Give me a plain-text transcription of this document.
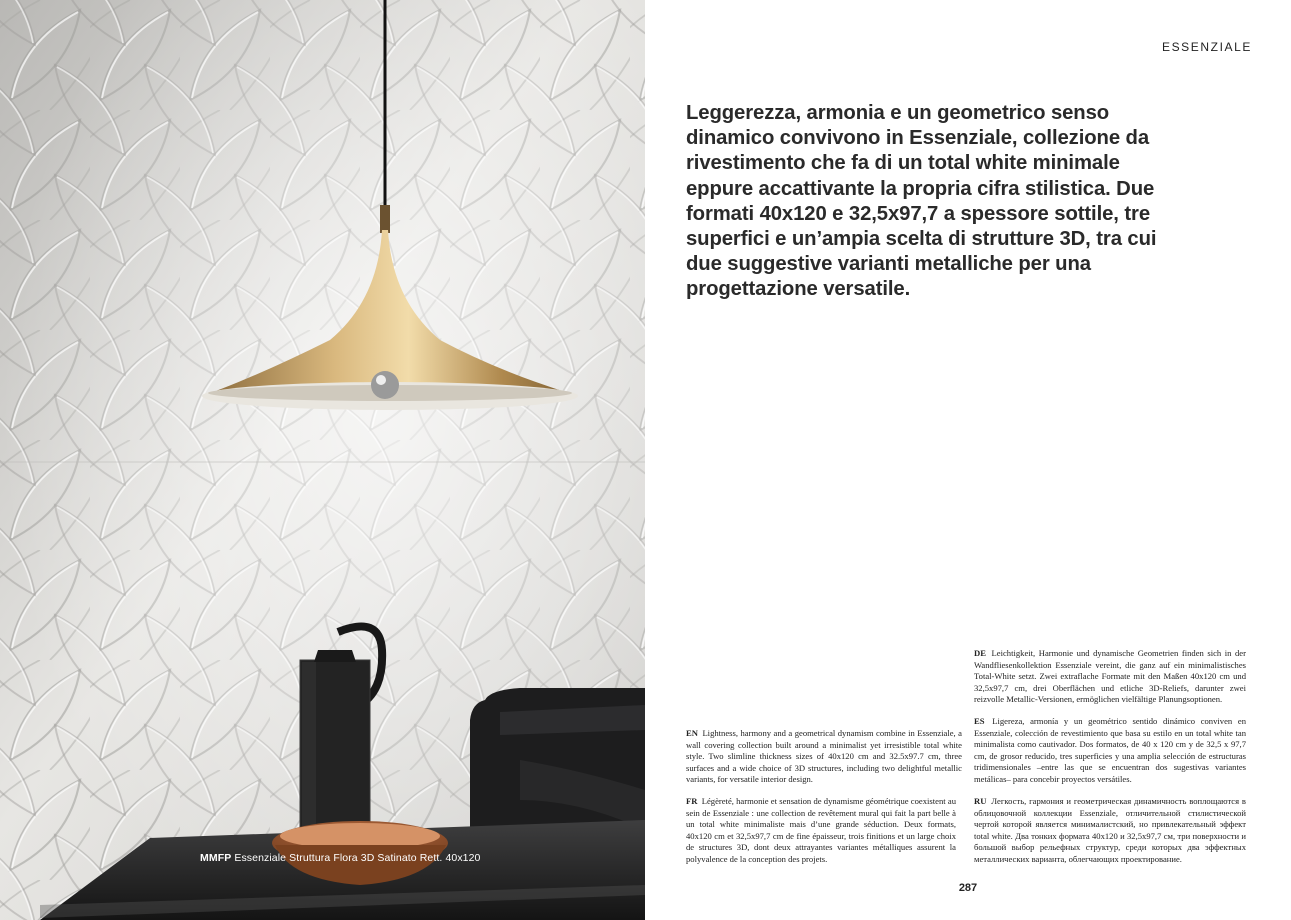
MMFP Essenziale Struttura Flora 3D Satinato Rett. 40x120
ESSENZIALE
Leggerezza, armonia e un geometrico senso dinamico convivono in Essenziale, collezione da rivestimento che fa di un total white minimale eppure accattivante la propria cifra stilistica. Due formati 40x120 e 32,5x97,7 a spessore sottile, tre superfici e un’ampia scelta di strutture 3D, tra cui due suggestive varianti metalliche per una progettazione versatile.
DE Leichtigkeit, Harmonie und dynamische Geometrien finden sich in der Wandfliesenkollektion Essenziale vereint, die ganz auf ein minimalistisches Total-White setzt. Zwei extraflache Formate mit den Maßen 40x120 cm und 32,5x97,7 cm, drei Oberflächen und etliche 3D-Reliefs, darunter zwei reizvolle Metallic-Versionen, ermöglichen vielfältige Planungsoptionen.
ES Ligereza, armonía y un geométrico sentido dinámico conviven en Essenziale, colección de revestimiento que basa su estilo en un total white tan minimalista como cautivador. Dos formatos, de 40 x 120 cm y de 32,5 x 97,7 cm, de grosor reducido, tres superficies y una amplia selección de estructuras tridimensionales –entre las que se encuentran dos sugestivas variantes metálicas– para concebir proyectos versátiles.
EN Lightness, harmony and a geometrical dynamism combine in Essenziale, a wall covering collection built around a minimalist yet irresistible total white style. Two slimline thickness sizes of 40x120 cm and 32.5x97.7 cm, three surfaces and a wide choice of 3D structures, including two delightful metallic variants, for versatile interior design.
FR Légèreté, harmonie et sensation de dynamisme géométrique coexistent au sein de Essenziale : une collection de revêtement mural qui fait la part belle à un total white minimaliste mais d’une grande séduction. Deux formats, 40x120 cm et 32,5x97,7 cm de fine épaisseur, trois finitions et un large choix de structures 3D, dont deux attrayantes variantes métalliques assurent la polyvalence de la conception des projets.
RU Легкость, гармония и геометрическая динамичность воплощаются в облицовочной коллекции Essenziale, отличительной стилистической чертой которой является минималистский, но привлекательный эффект total white. Два тонких формата 40x120 и 32,5x97,7 см, три поверхности и большой выбор рельефных структур, среди которых два эффектных металлических варианта, облегчающих проектирование.
287
